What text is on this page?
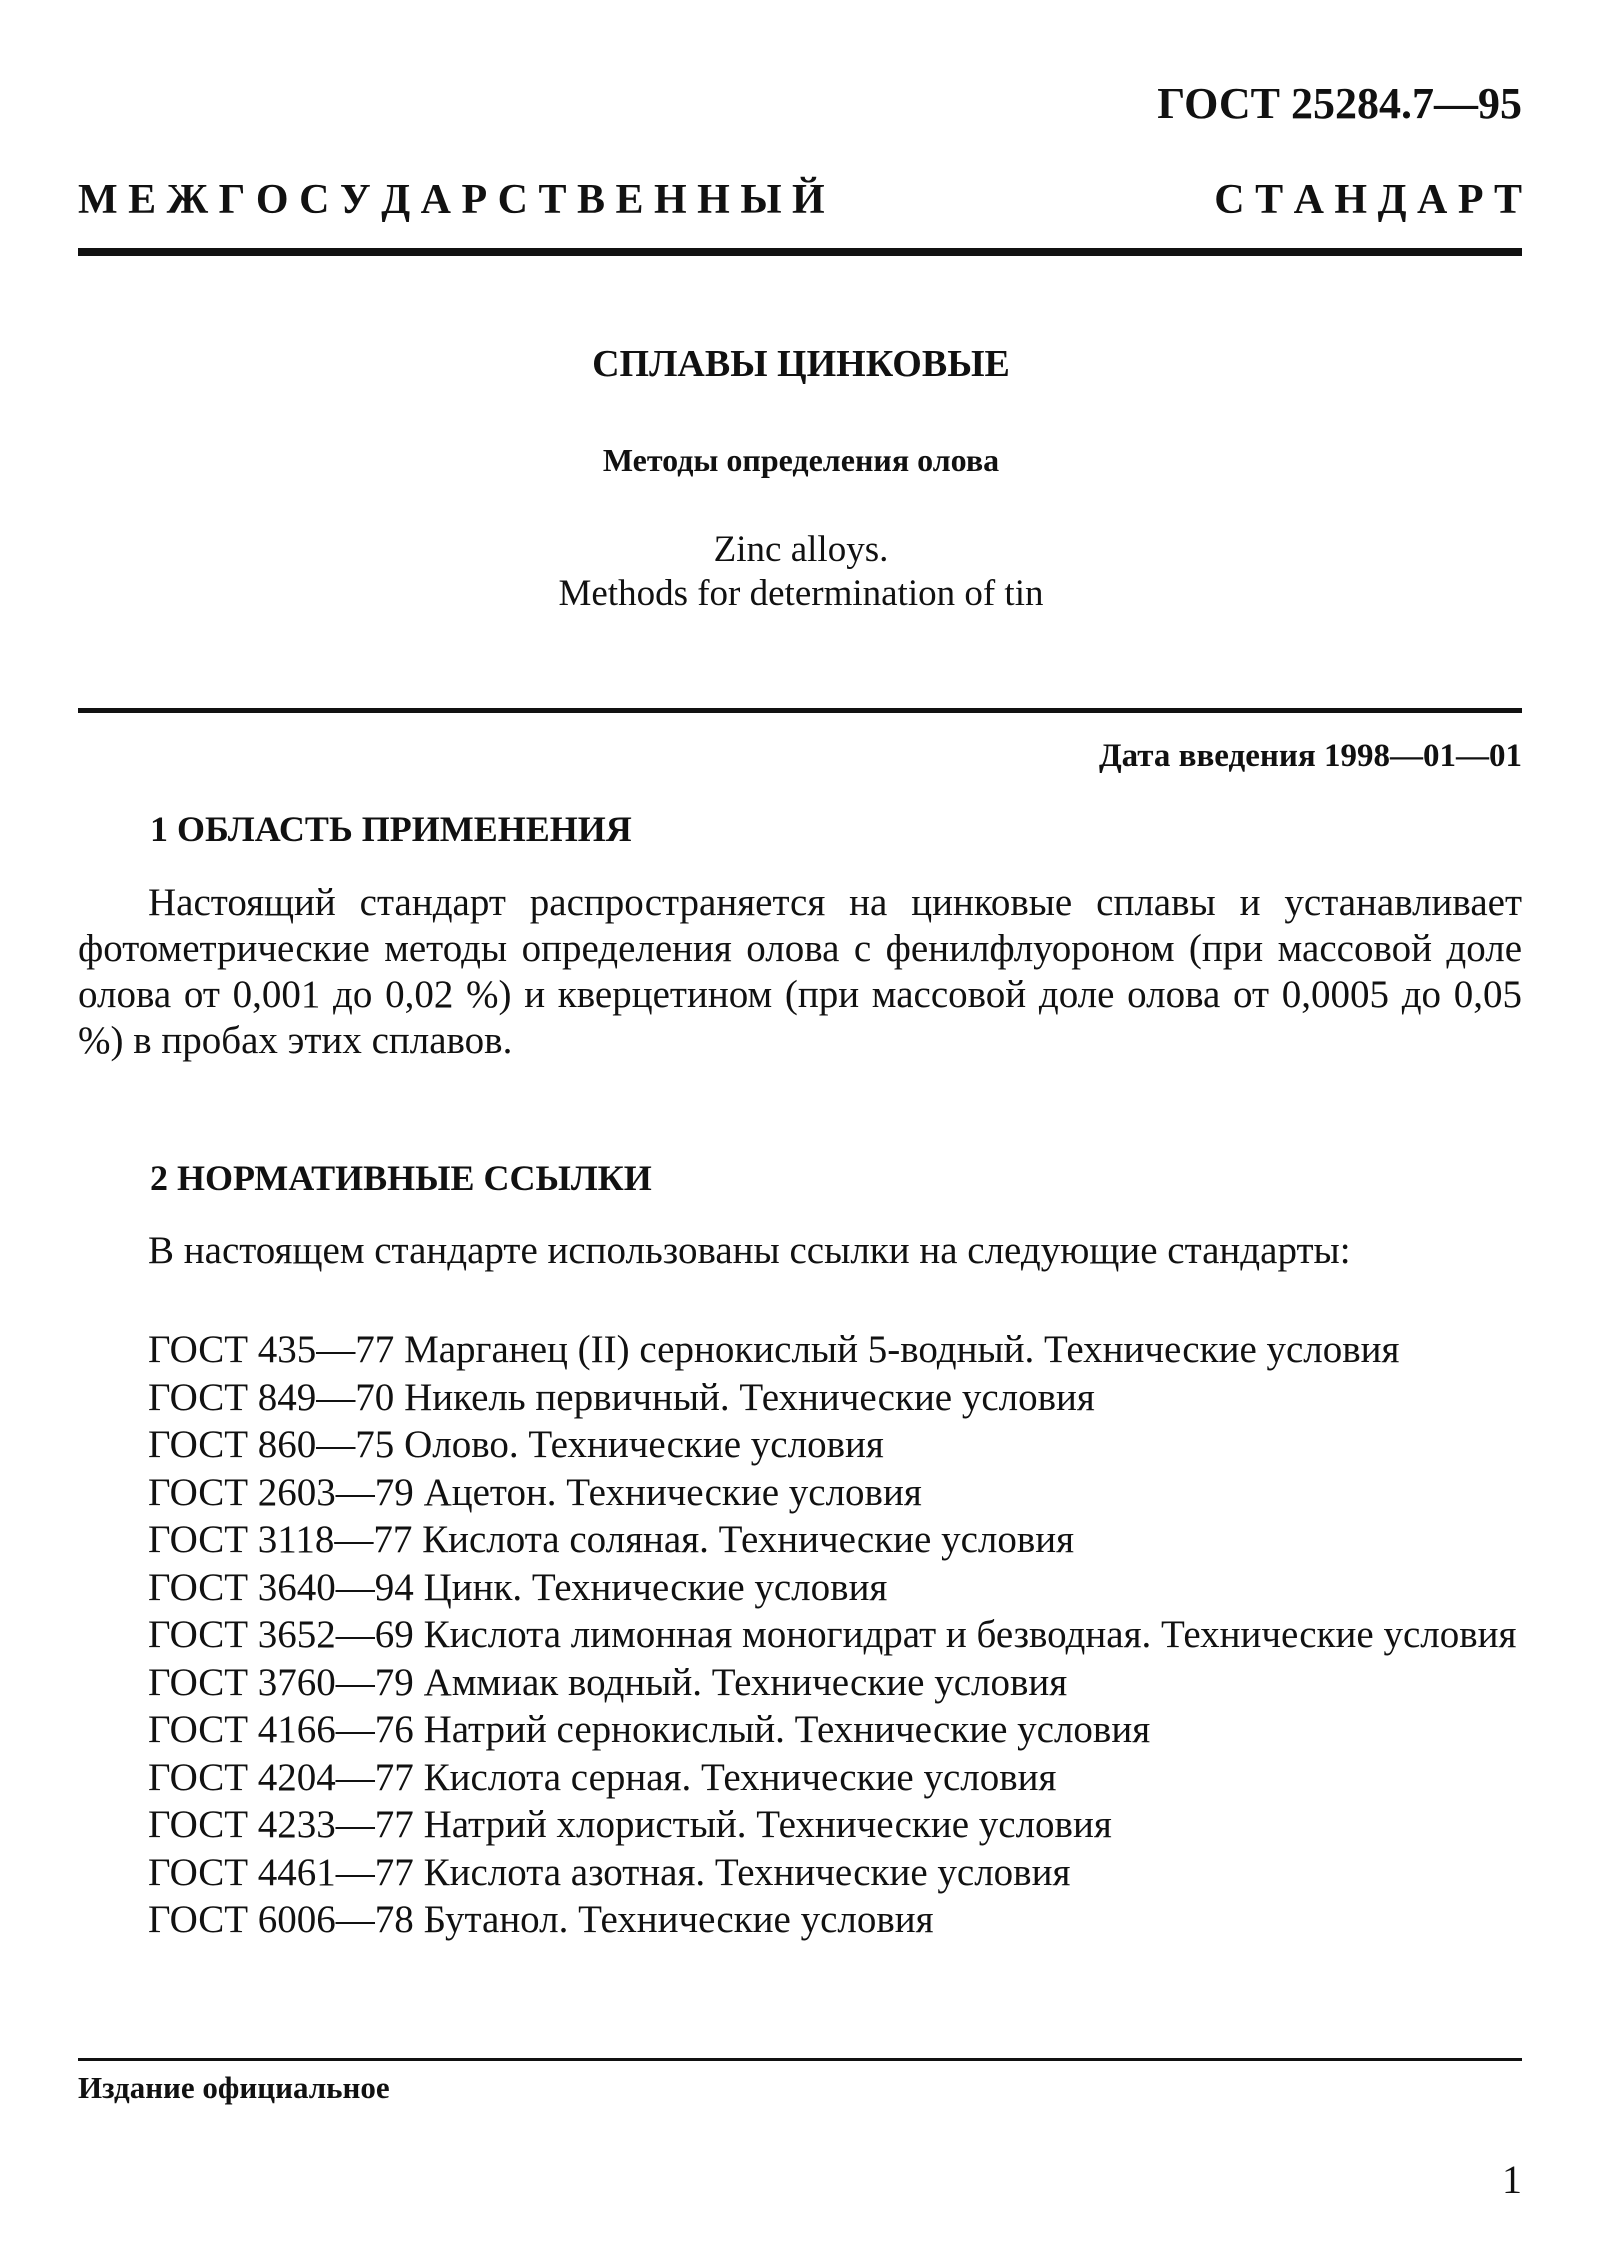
ГОСТ 25284.7—95
М Е Ж Г О С У Д А Р С Т В Е Н Н Ы Й	С Т А Н Д А Р Т
СПЛАВЫ ЦИНКОВЫЕ
Методы определения олова
Zinc alloys.
Methods for determination of tin
Дата введения 1998—01—01
1 ОБЛАСТЬ ПРИМЕНЕНИЯ
Настоящий стандарт распространяется на цинковые сплавы и устанавливает фотометрические методы определения олова с фенилфлуороном (при массовой доле олова от 0,001 до 0,02 %) и кверцетином (при массовой доле олова от 0,0005 до 0,05 %) в пробах этих сплавов.
2 НОРМАТИВНЫЕ ССЫЛКИ
В настоящем стандарте использованы ссылки на следующие стандарты:
ГОСТ 435—77 Марганец (II) сернокислый 5-водный. Технические условия
ГОСТ 849—70 Никель первичный. Технические условия
ГОСТ 860—75 Олово. Технические условия
ГОСТ 2603—79 Ацетон. Технические условия
ГОСТ 3118—77 Кислота соляная. Технические условия
ГОСТ 3640—94 Цинк. Технические условия
ГОСТ 3652—69 Кислота лимонная моногидрат и безводная. Технические условия
ГОСТ 3760—79 Аммиак водный. Технические условия
ГОСТ 4166—76 Натрий сернокислый. Технические условия
ГОСТ 4204—77 Кислота серная. Технические условия
ГОСТ 4233—77 Натрий хлористый. Технические условия
ГОСТ 4461—77 Кислота азотная. Технические условия
ГОСТ 6006—78 Бутанол. Технические условия
Издание официальное
1
